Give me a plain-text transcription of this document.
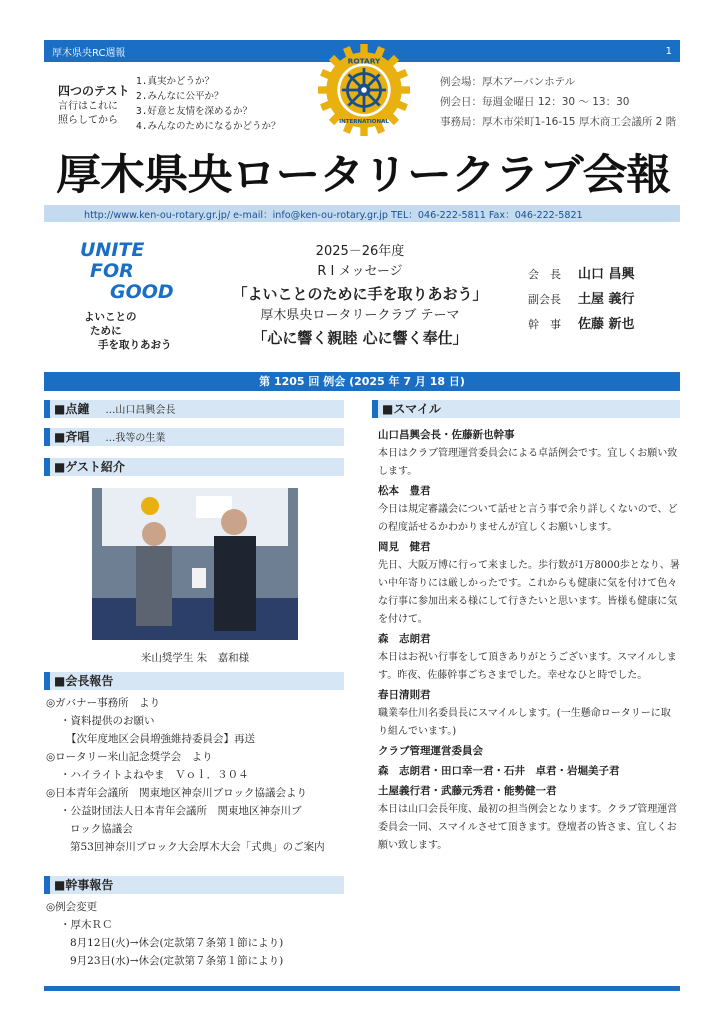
厚木県央RC週報	1
四つのテスト
言行はこれに
照らしてから
1.真実かどうか？
2.みんなに公平か？
3.好意と友情を深めるか？
4.みんなのためになるかどうか？
ROTARY
INTERNATIONAL
例会場：厚木アーバンホテル
例会日：毎週金曜日 12：30 ～ 13：30
事務局：厚木市栄町1-16-15 厚木商工会議所 2 階
厚木県央ロータリークラブ会報
http://www.ken-ou-rotary.gr.jp/ e-mail：info@ken-ou-rotary.gr.jp TEL：046-222-5811 Fax：046-222-5821
UNITE
FOR
GOOD
よいことの
ために
手を取りあおう
2025－26年度
R I メッセージ
「よいことのために手を取りあおう」
厚木県央ロータリークラブ テーマ
「心に響く親睦 心に響く奉仕」
会　長 山口 昌興
副会長 土屋 義行
幹　事 佐藤 新也
第 1205 回 例会 (2025 年 7 月 18 日)
■点鐘 …山口昌興会長
■斉唱 …我等の生業
■ゲスト紹介
米山奨学生 朱　嘉和様
■会長報告
◎ガバナー事務所　より
・資料提供のお願い
【次年度地区会員増強維持委員会】再送
◎ロータリー米山記念奨学会　より
・ハイライトよねやま　Ｖｏｌ．３０４
◎日本青年会議所　関東地区神奈川ブロック協議会より
・公益財団法人日本青年会議所　関東地区神奈川ブ
ロック協議会
第53回神奈川ブロック大会厚木大会「式典」のご案内
■幹事報告
◎例会変更
・厚木ＲＣ
8月12日(火)→休会(定款第７条第１節により)
9月23日(水)→休会(定款第７条第１節により)
■スマイル
山口昌興会長・佐藤新也幹事
本日はクラブ管理運営委員会による卓話例会です。宜しくお願い致します。
松本　豊君
今日は規定審議会について話せと言う事で余り詳しくないので、どの程度話せるかわかりませんが宜しくお願いします。
岡見　健君
先日、大阪万博に行って来ました。歩行数が1万8000歩となり、暑い中年寄りには厳しかったです。これからも健康に気を付けて色々な行事に参加出来る様にして行きたいと思います。皆様も健康に気を付けて。
森　志朗君
本日はお祝い行事をして頂きありがとうございます。スマイルします。昨夜、佐藤幹事ごちさまでした。幸せなひと時でした。
春日清則君
職業奉仕川名委員長にスマイルします。(一生懸命ロータリーに取り組んでいます。)
クラブ管理運営委員会
森　志朗君・田口幸一君・石井　卓君・岩堀美子君
土屋義行君・武藤元秀君・能勢健一君
本日は山口会長年度、最初の担当例会となります。クラブ管理運営委員会一同、スマイルさせて頂きます。登壇者の皆さま、宜しくお願い致します。
